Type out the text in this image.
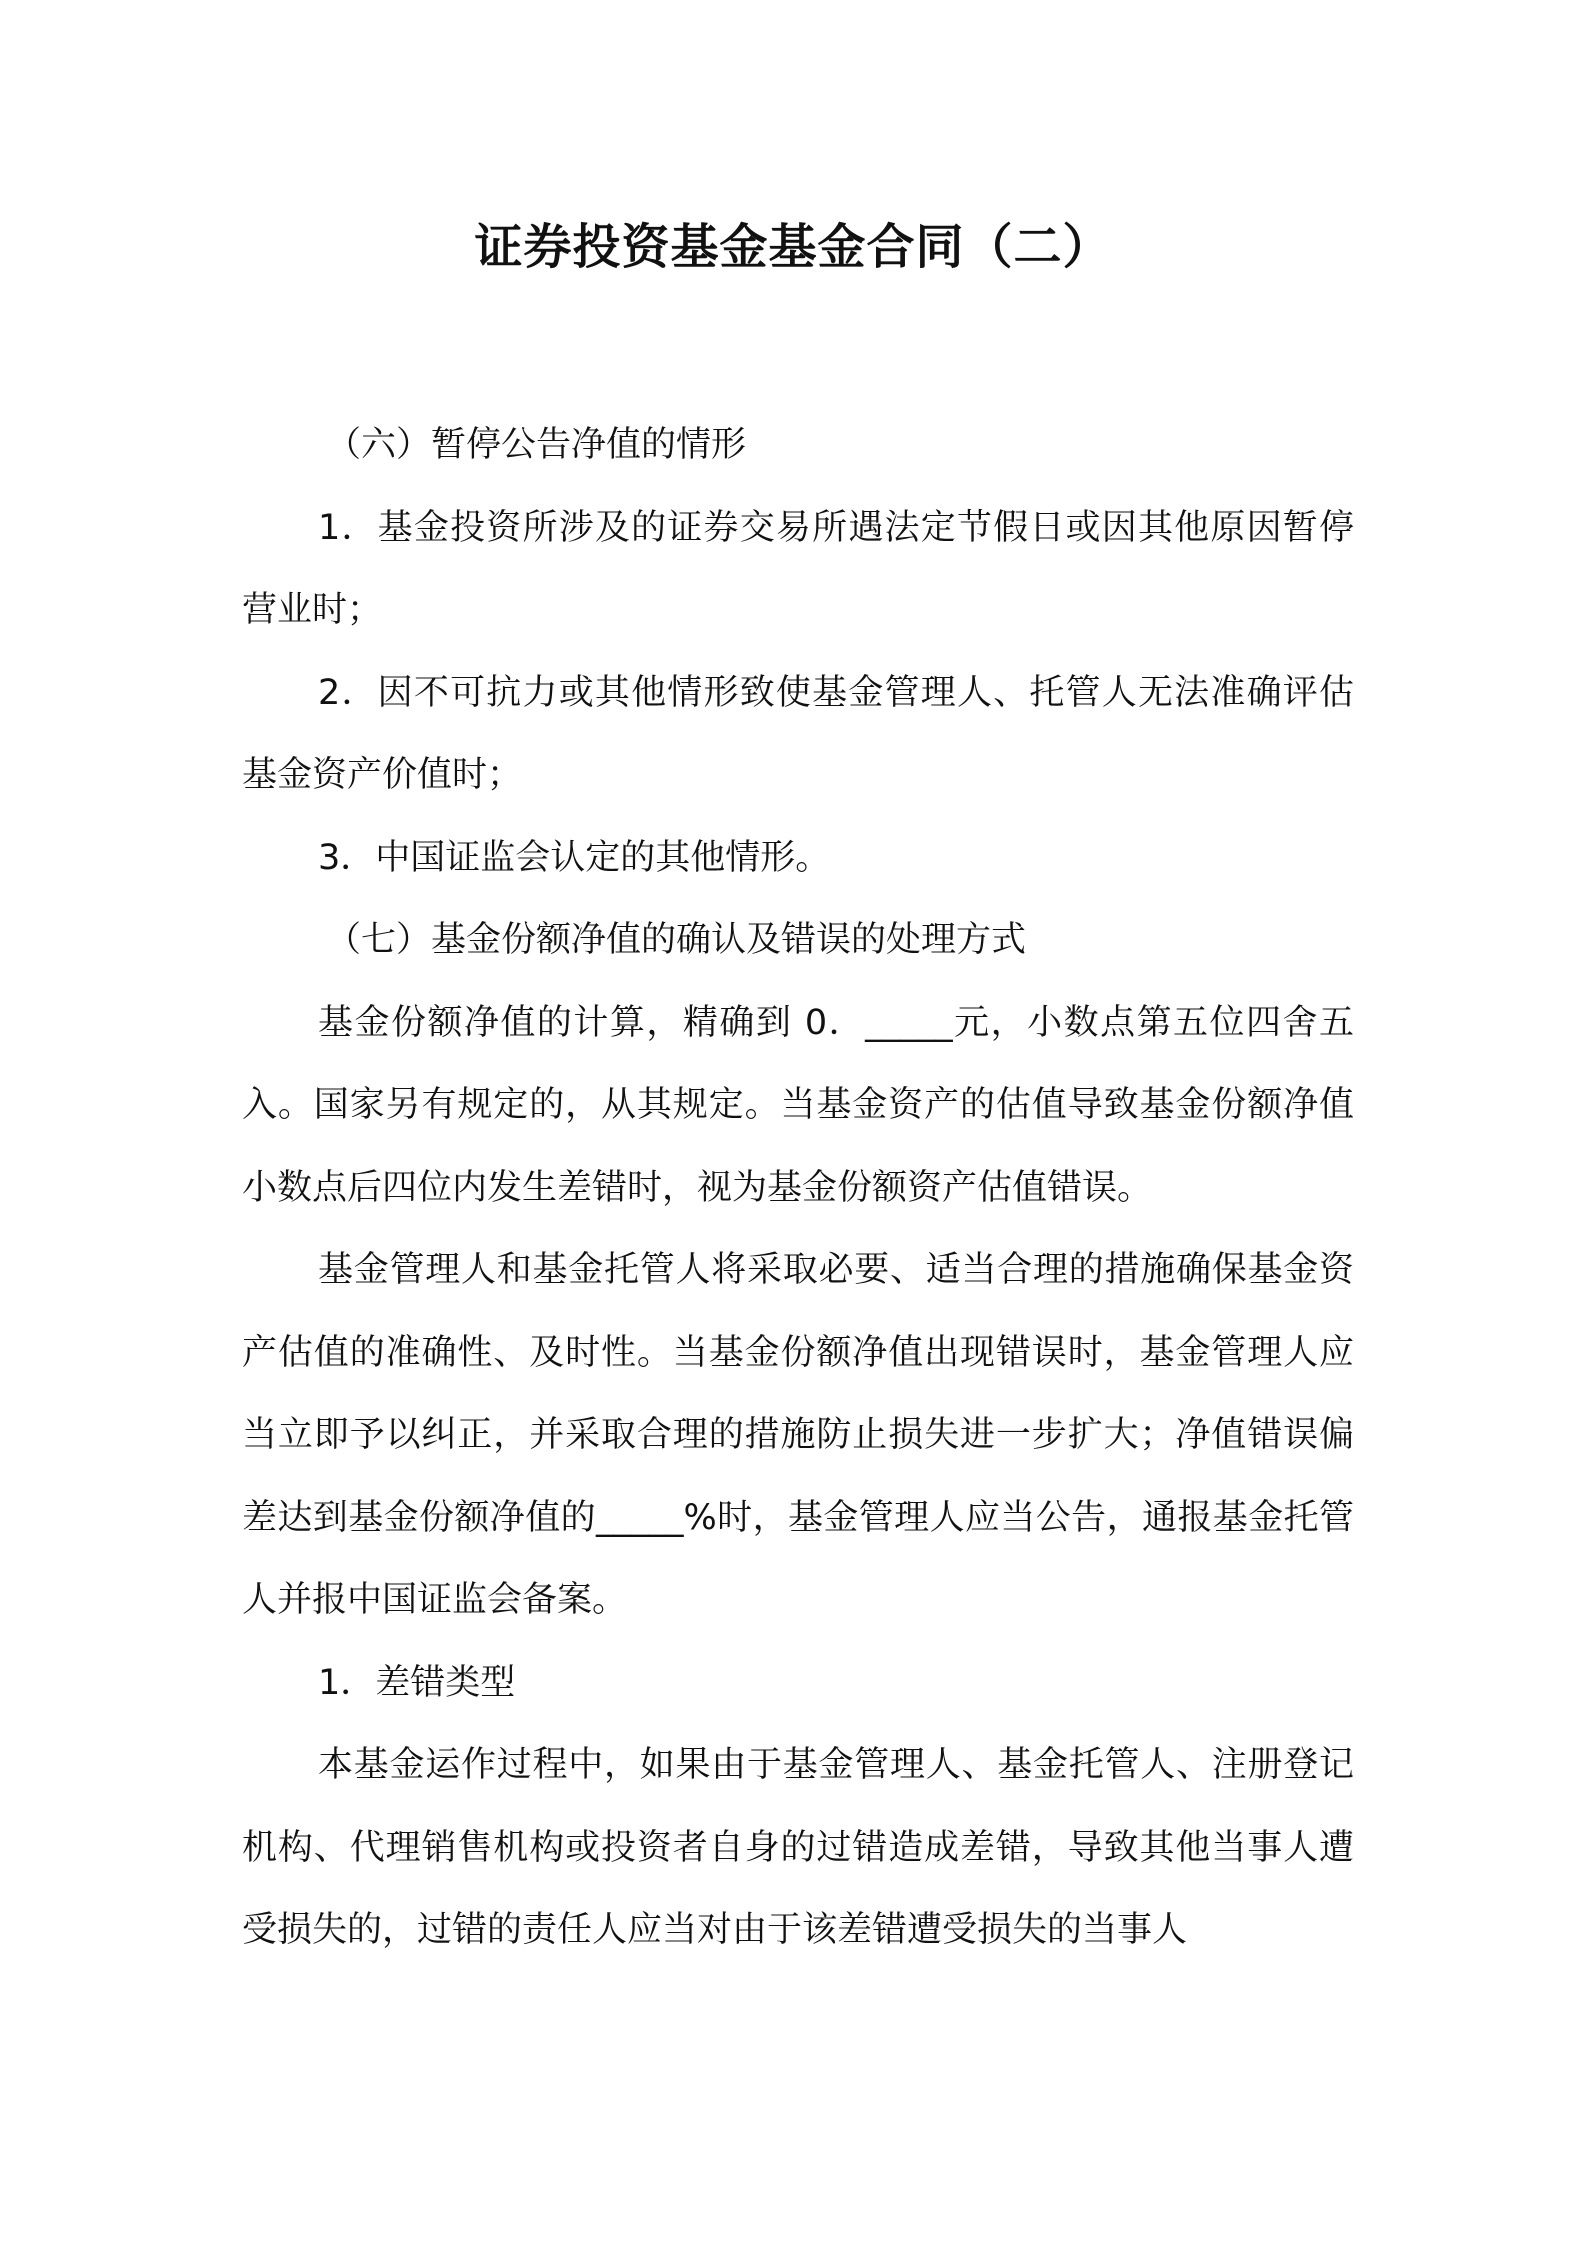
证券投资基金基金合同（二）

（六）暂停公告净值的情形

1．基金投资所涉及的证券交易所遇法定节假日或因其他原因暂停营业时；

2．因不可抗力或其他情形致使基金管理人、托管人无法准确评估基金资产价值时；

3．中国证监会认定的其他情形。

（七）基金份额净值的确认及错误的处理方式

基金份额净值的计算，精确到 0．_____元，小数点第五位四舍五入。国家另有规定的，从其规定。当基金资产的估值导致基金份额净值小数点后四位内发生差错时，视为基金份额资产估值错误。

基金管理人和基金托管人将采取必要、适当合理的措施确保基金资产估值的准确性、及时性。当基金份额净值出现错误时，基金管理人应当立即予以纠正，并采取合理的措施防止损失进一步扩大；净值错误偏差达到基金份额净值的_____%时，基金管理人应当公告，通报基金托管人并报中国证监会备案。

1．差错类型

本基金运作过程中，如果由于基金管理人、基金托管人、注册登记机构、代理销售机构或投资者自身的过错造成差错，导致其他当事人遭受损失的，过错的责任人应当对由于该差错遭受损失的当事人
